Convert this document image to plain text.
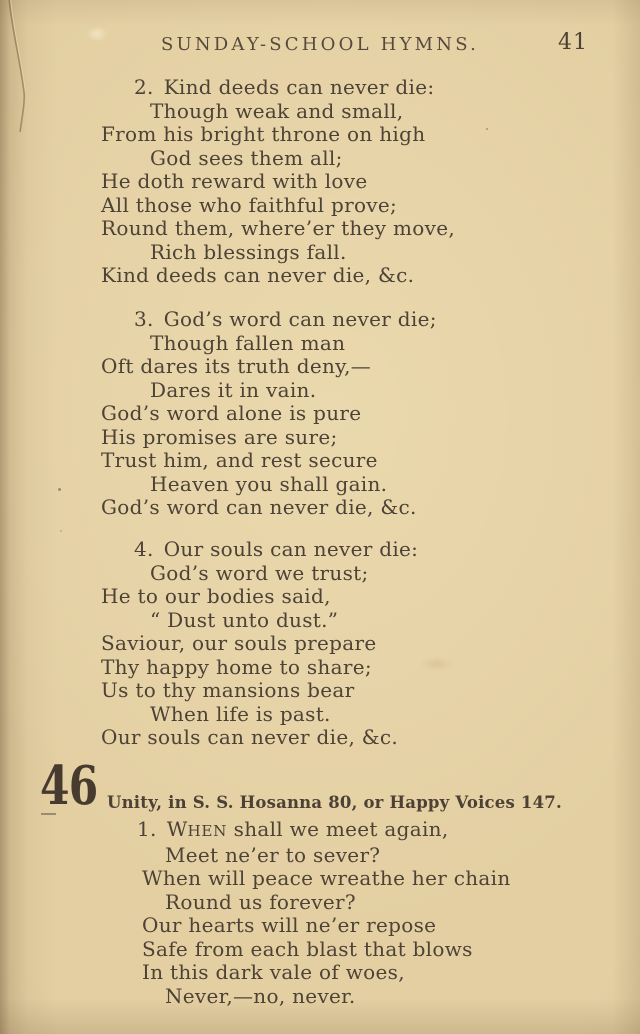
SUNDAY-SCHOOL HYMNS.	41
2. Kind deeds can never die:
Though weak and small,
From his bright throne on high
God sees them all;
He doth reward with love
All those who faithful prove;
Round them, where’er they move,
Rich blessings fall.
Kind deeds can never die, &c.
3. God’s word can never die;
Though fallen man
Oft dares its truth deny,—
Dares it in vain.
God’s word alone is pure
His promises are sure;
Trust him, and rest secure
Heaven you shall gain.
God’s word can never die, &c.
4. Our souls can never die:
God’s word we trust;
He to our bodies said,
“ Dust unto dust.”
Saviour, our souls prepare
Thy happy home to share;
Us to thy mansions bear
When life is past.
Our souls can never die, &c.
46 Unity, in S. S. Hosanna 80, or Happy Voices 147.
1. WHEN shall we meet again,
Meet ne’er to sever?
When will peace wreathe her chain
Round us forever?
Our hearts will ne’er repose
Safe from each blast that blows
In this dark vale of woes,
Never,—no, never.
